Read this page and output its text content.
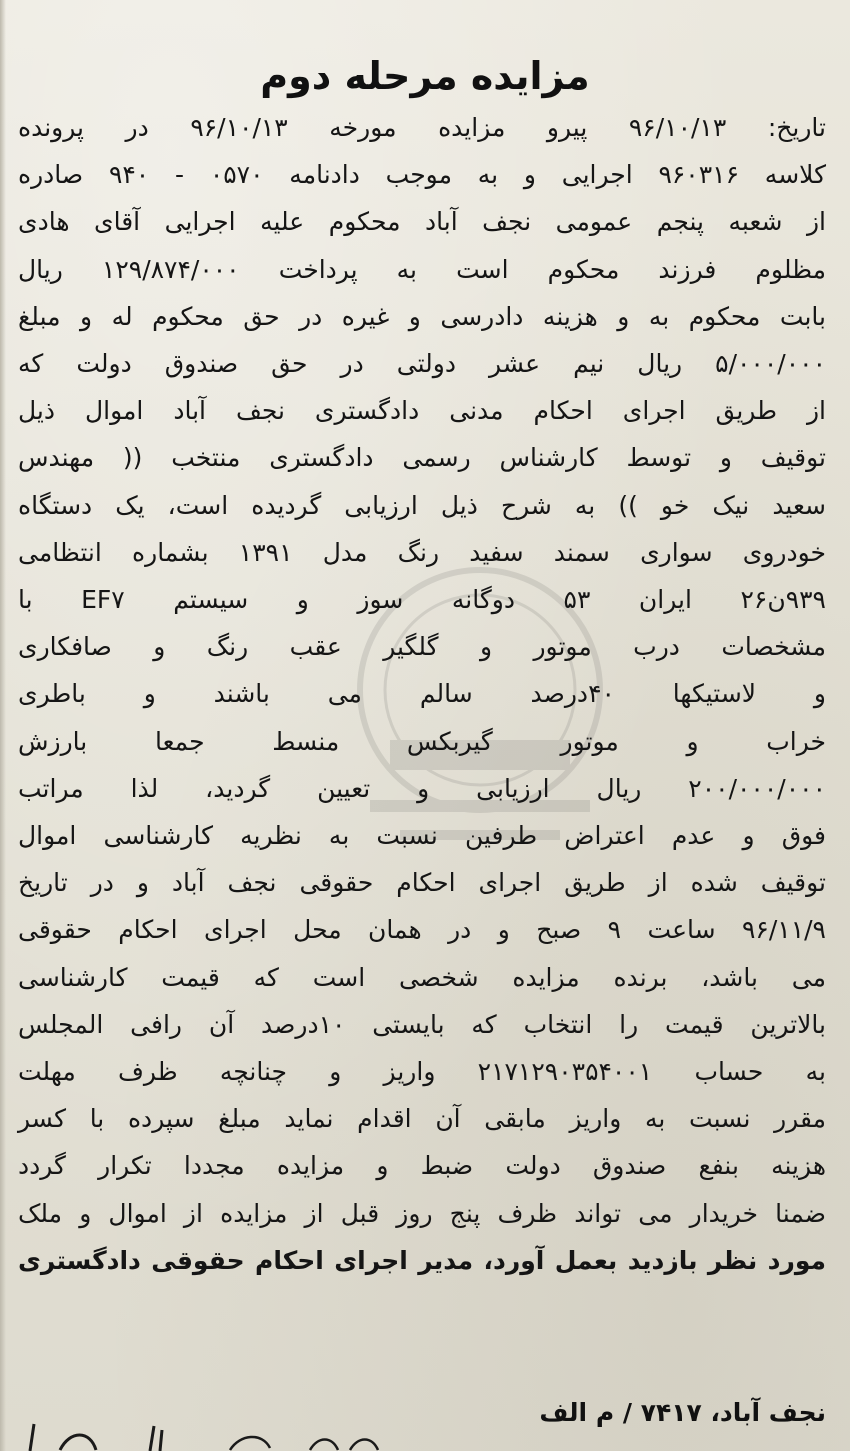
مزایده مرحله دوم
تاریخ: ۹۶/۱۰/۱۳ پیرو مزایده مورخه ۹۶/۱۰/۱۳ در پرونده
کلاسه ۹۶۰۳۱۶ اجرایی و به موجب دادنامه ۰۵۷۰ - ۹۴۰ صادره
از شعبه پنجم عمومی نجف آباد محکوم علیه اجرایی آقای هادی
مظلوم فرزند محکوم است به پرداخت ۱۲۹/۸۷۴/۰۰۰ ریال
بابت محکوم به و هزینه دادرسی و غیره در حق محکوم له و مبلغ
۵/۰۰۰/۰۰۰ ریال نیم عشر دولتی در حق صندوق دولت که
از طریق اجرای احکام مدنی دادگستری نجف آباد اموال ذیل
توقیف و توسط کارشناس رسمی دادگستری منتخب (( مهندس
سعید نیک خو )) به شرح ذیل ارزیابی گردیده است، یک دستگاه
خودروی سواری سمند سفید رنگ مدل ۱۳۹۱ بشماره انتظامی
۹۳۹ن۲۶ ایران ۵۳ دوگانه سوز و سیستم EF۷ با
مشخصات درب موتور و گلگیر عقب رنگ و صافکاری
و لاستیکها ۴۰درصد سالم می باشند و باطری
خراب و موتور گیربکس منسط جمعا بارزش
۲۰۰/۰۰۰/۰۰۰ ریال ارزیابی و تعیین گردید، لذا مراتب
فوق و عدم اعتراض طرفین نسبت به نظریه کارشناسی اموال
توقیف شده از طریق اجرای احکام حقوقی نجف آباد و در تاریخ
۹۶/۱۱/۹ ساعت ۹ صبح و در همان محل اجرای احکام حقوقی
می باشد، برنده مزایده شخصی است که قیمت کارشناسی
بالاترین قیمت را انتخاب که بایستی ۱۰درصد آن رافی المجلس
به حساب ۲۱۷۱۲۹۰۳۵۴۰۰۱ واریز و چنانچه ظرف مهلت
مقرر نسبت به واریز مابقی آن اقدام نماید مبلغ سپرده با کسر
هزینه بنفع صندوق دولت ضبط و مزایده مجددا تکرار گردد
ضمنا خریدار می تواند ظرف پنج روز قبل از مزایده از اموال و ملک
مورد نظر بازدید بعمل آورد، مدیر اجرای احکام حقوقی دادگستری

نجف آباد، ۷۴۱۷ / م الف
